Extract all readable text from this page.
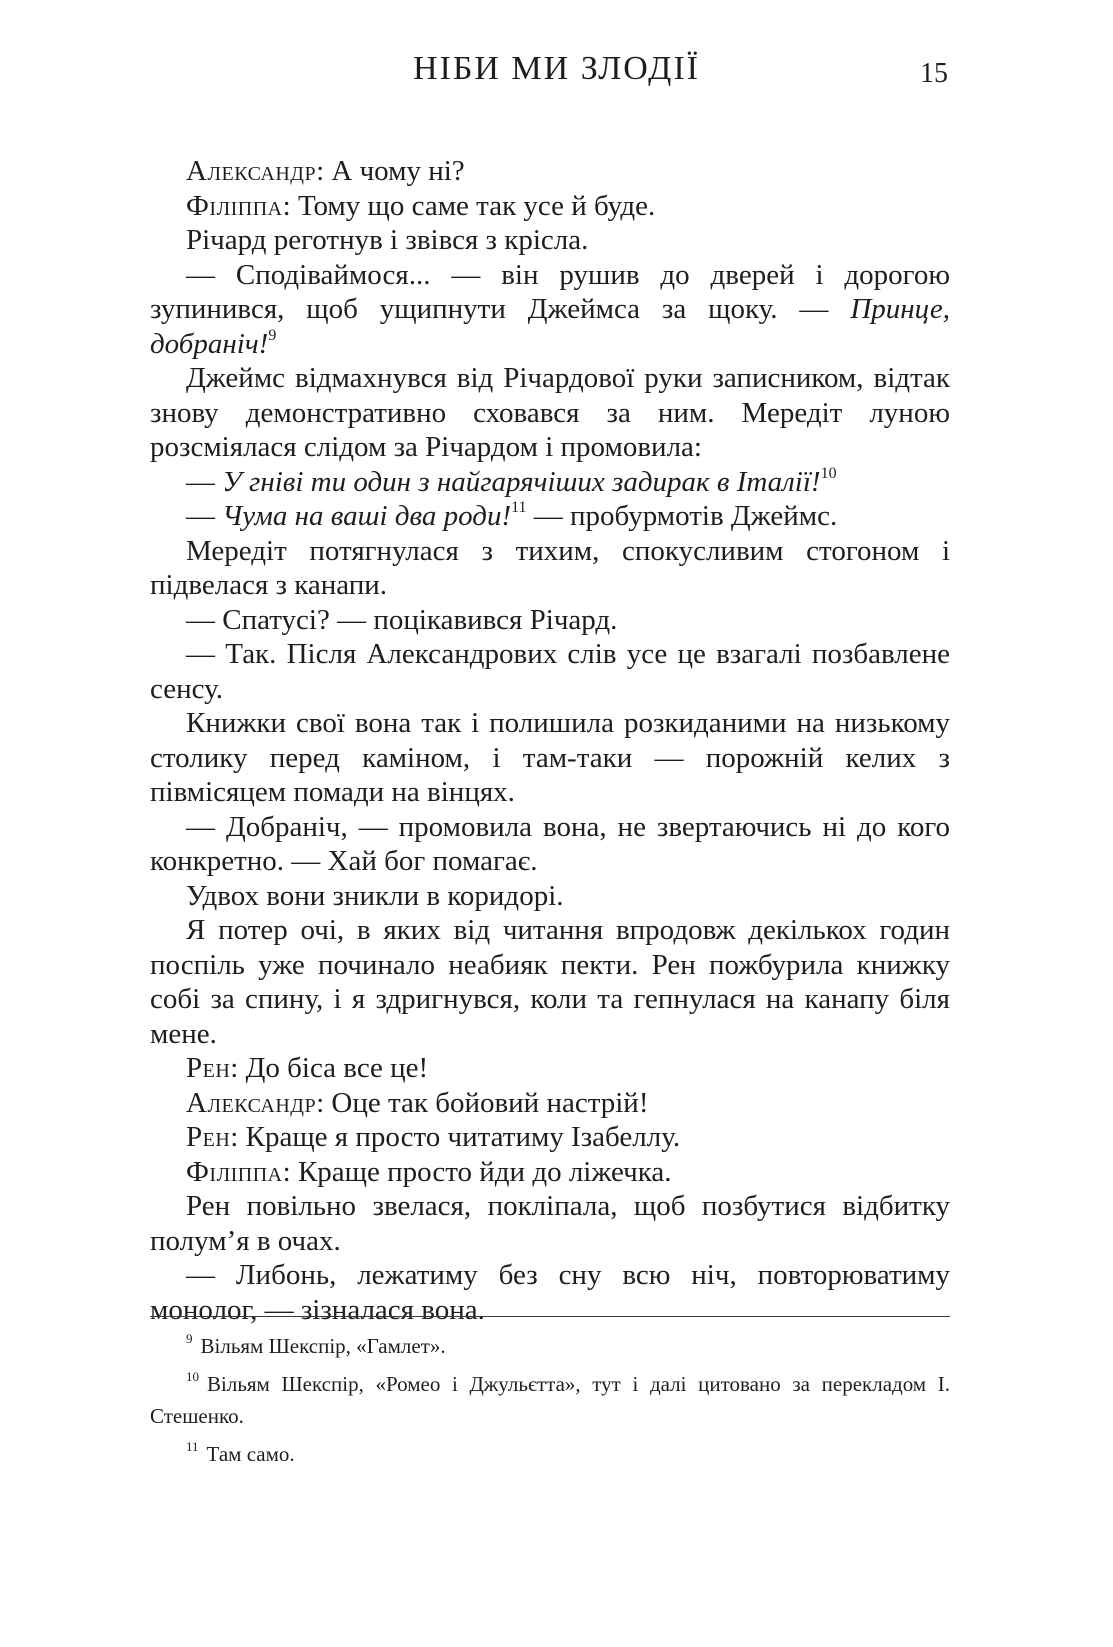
НІБИ МИ ЗЛОДІЇ	15

Александр: А чому ні?

Філіппа: Тому що саме так усе й буде.

Річард реготнув і звівся з крісла.

— Сподіваймося... — він рушив до дверей і дорогою зупинився, щоб ущипнути Джеймса за щоку. — Принце, добраніч!$^9$

Джеймс відмахнувся від Річардової руки записником, відтак знову демонстративно сховався за ним. Мередіт луною розсміялася слідом за Річардом і промовила:

— У гніві ти один з найгарячіших задирак в Італії!$^{10}$

— Чума на ваші два роди!$^{11}$ — пробурмотів Джеймс.

Мередіт потягнулася з тихим, спокусливим стогоном і підвелася з канапи.

— Спатусі? — поцікавився Річард.

— Так. Після Александрових слів усе це взагалі позбавлене сенсу.

Книжки свої вона так і полишила розкиданими на низькому столику перед каміном, і там-таки — порожній келих з півмісяцем помади на вінцях.

— Добраніч, — промовила вона, не звертаючись ні до кого конкретно. — Хай бог помагає.

Удвох вони зникли в коридорі.

Я потер очі, в яких від читання впродовж декількох годин поспіль уже починало неабияк пекти. Рен пожбурила книжку собі за спину, і я здригнувся, коли та гепнулася на канапу біля мене.

Рен: До біса все це!

Александр: Оце так бойовий настрій!

Рен: Краще я просто читатиму Ізабеллу.

Філіппа: Краще просто йди до ліжечка.

Рен повільно звелася, покліпала, щоб позбутися відбитку полум’я в очах.

— Либонь, лежатиму без сну всю ніч, повторюватиму монолог, — зізналася вона.

$^9$ Вільям Шекспір, «Гамлет».

$^{10}$ Вільям Шекспір, «Ромео і Джульєтта», тут і далі цитовано за перекладом І. Стешенко.

$^{11}$ Там само.
